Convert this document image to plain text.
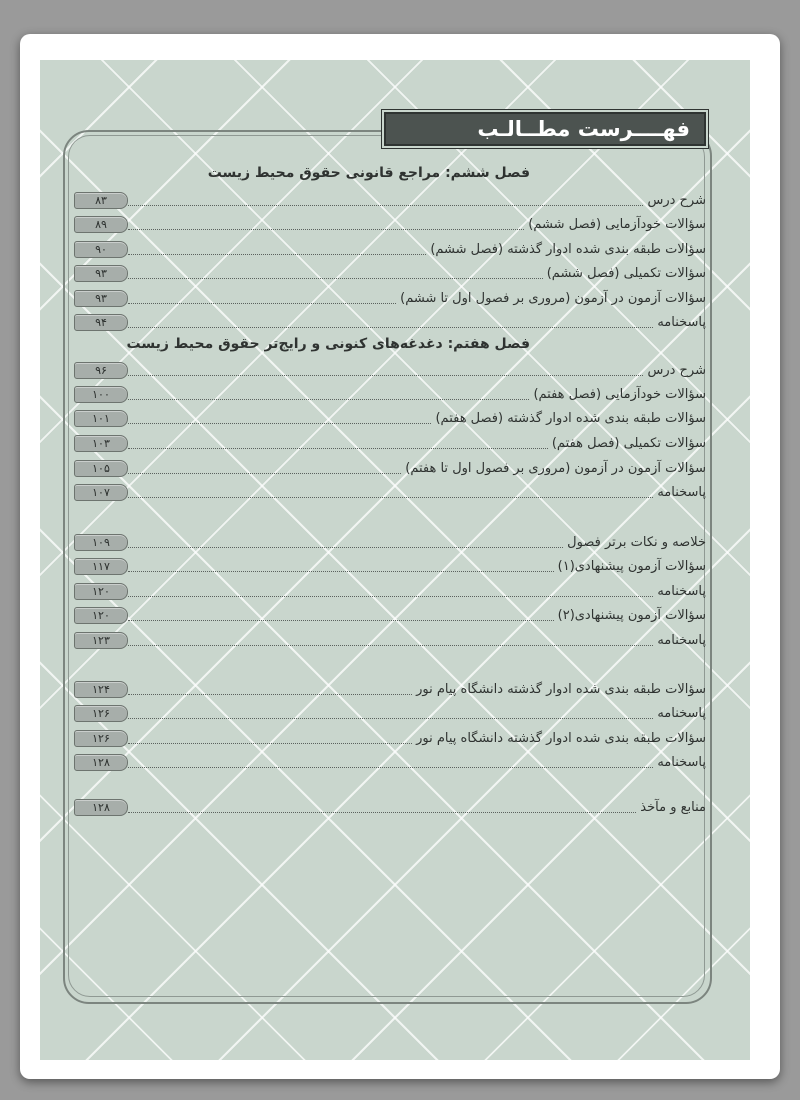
فهــــرست مطــالـب
فصل ششم: مراجع قانونی حقوق محیط زیست
شرح درس
۸۳
سؤالات خودآزمایی (فصل ششم)
۸۹
سؤالات طبقه بندی شده ادوار گذشته (فصل ششم)
۹۰
سؤالات تکمیلی (فصل ششم)
۹۳
سؤالات آزمون در آزمون (مروری بر فصول اول تا ششم)
۹۳
پاسخنامه
۹۴
فصل هفتم: دغدغه‌های کنونی و رایج‌تر حقوق محیط زیست
شرح درس
۹۶
سؤالات خودآزمایی (فصل هفتم)
۱۰۰
سؤالات طبقه بندی شده ادوار گذشته (فصل هفتم)
۱۰۱
سؤالات تکمیلی (فصل هفتم)
۱۰۳
سؤالات آزمون در آزمون (مروری بر فصول اول تا هفتم)
۱۰۵
پاسخنامه
۱۰۷
خلاصه و نکات برتر فصول
۱۰۹
سؤالات آزمون پیشنهادی(۱)
۱۱۷
پاسخنامه
۱۲۰
سؤالات آزمون پیشنهادی(۲)
۱۲۰
پاسخنامه
۱۲۳
سؤالات طبقه بندی شده ادوار گذشته دانشگاه پیام نور
۱۲۴
پاسخنامه
۱۲۶
سؤالات طبقه بندی شده ادوار گذشته دانشگاه پیام نور
۱۲۶
پاسخنامه
۱۲۸
منابع و مآخذ
۱۲۸
